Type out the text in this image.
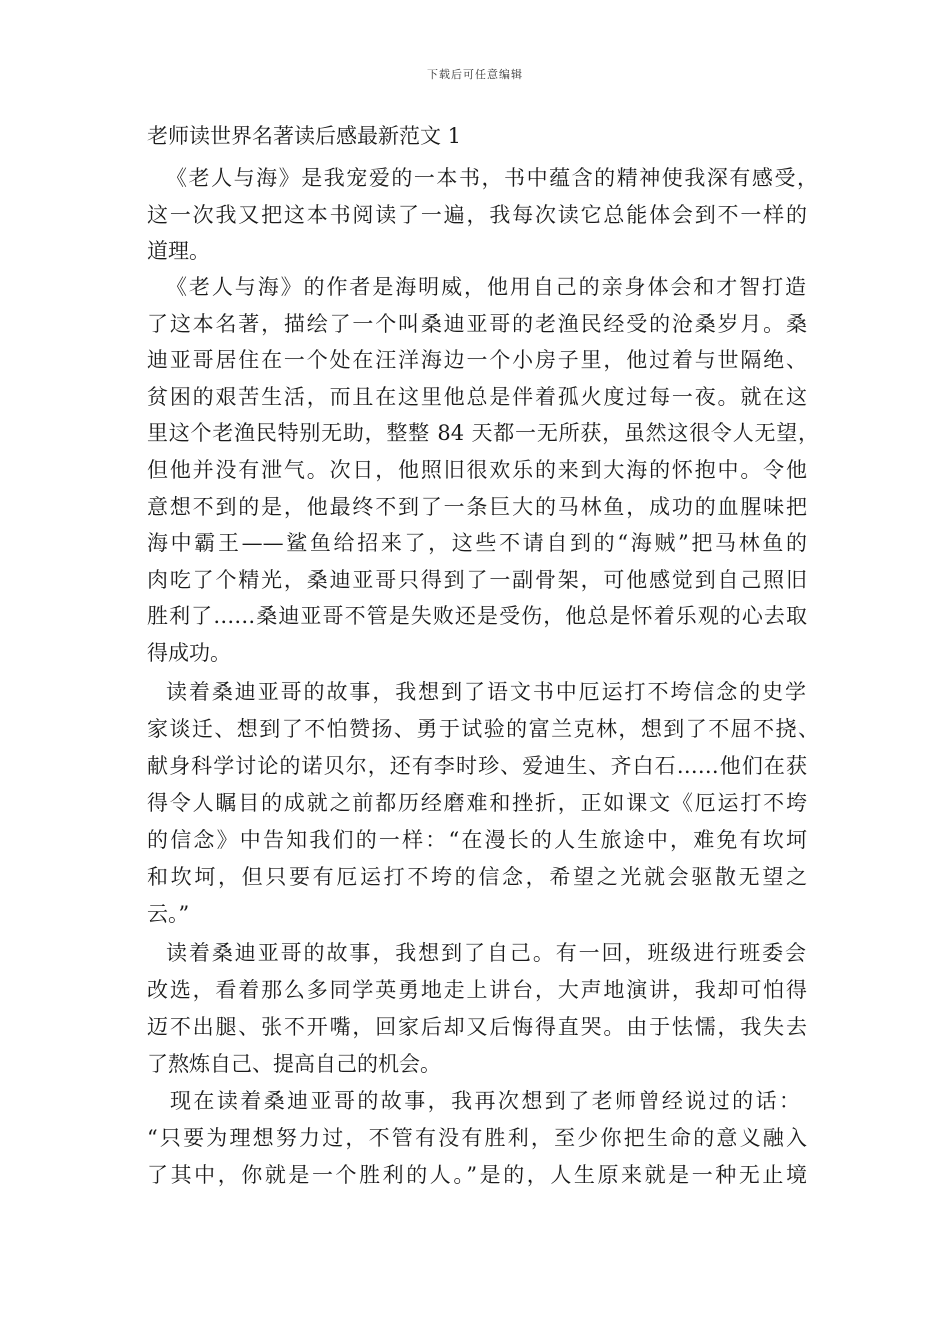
下载后可任意编辑
老师读世界名著读后感最新范文 1
《老人与海》是我宠爱的一本书，书中蕴含的精神使我深有感受，
这一次我又把这本书阅读了一遍，我每次读它总能体会到不一样的
道理。
《老人与海》的作者是海明威，他用自己的亲身体会和才智打造
了这本名著，描绘了一个叫桑迪亚哥的老渔民经受的沧桑岁月。桑
迪亚哥居住在一个处在汪洋海边一个小房子里，他过着与世隔绝、
贫困的艰苦生活，而且在这里他总是伴着孤火度过每一夜。就在这
里这个老渔民特别无助，整整 84 天都一无所获，虽然这很令人无望，
但他并没有泄气。次日，他照旧很欢乐的来到大海的怀抱中。令他
意想不到的是，他最终不到了一条巨大的马林鱼，成功的血腥味把
海中霸王——鲨鱼给招来了，这些不请自到的“海贼”把马林鱼的
肉吃了个精光，桑迪亚哥只得到了一副骨架，可他感觉到自己照旧
胜利了……桑迪亚哥不管是失败还是受伤，他总是怀着乐观的心去取
得成功。
读着桑迪亚哥的故事，我想到了语文书中厄运打不垮信念的史学
家谈迁、想到了不怕赞扬、勇于试验的富兰克林，想到了不屈不挠、
献身科学讨论的诺贝尔，还有李时珍、爱迪生、齐白石……他们在获
得令人瞩目的成就之前都历经磨难和挫折，正如课文《厄运打不垮
的信念》中告知我们的一样：“在漫长的人生旅途中，难免有坎坷
和坎坷，但只要有厄运打不垮的信念，希望之光就会驱散无望之
云。”
读着桑迪亚哥的故事，我想到了自己。有一回，班级进行班委会
改选，看着那么多同学英勇地走上讲台，大声地演讲，我却可怕得
迈不出腿、张不开嘴，回家后却又后悔得直哭。由于怯懦，我失去
了熬炼自己、提高自己的机会。
现在读着桑迪亚哥的故事，我再次想到了老师曾经说过的话：
“只要为理想努力过，不管有没有胜利，至少你把生命的意义融入
了其中，你就是一个胜利的人。”是的，人生原来就是一种无止境
